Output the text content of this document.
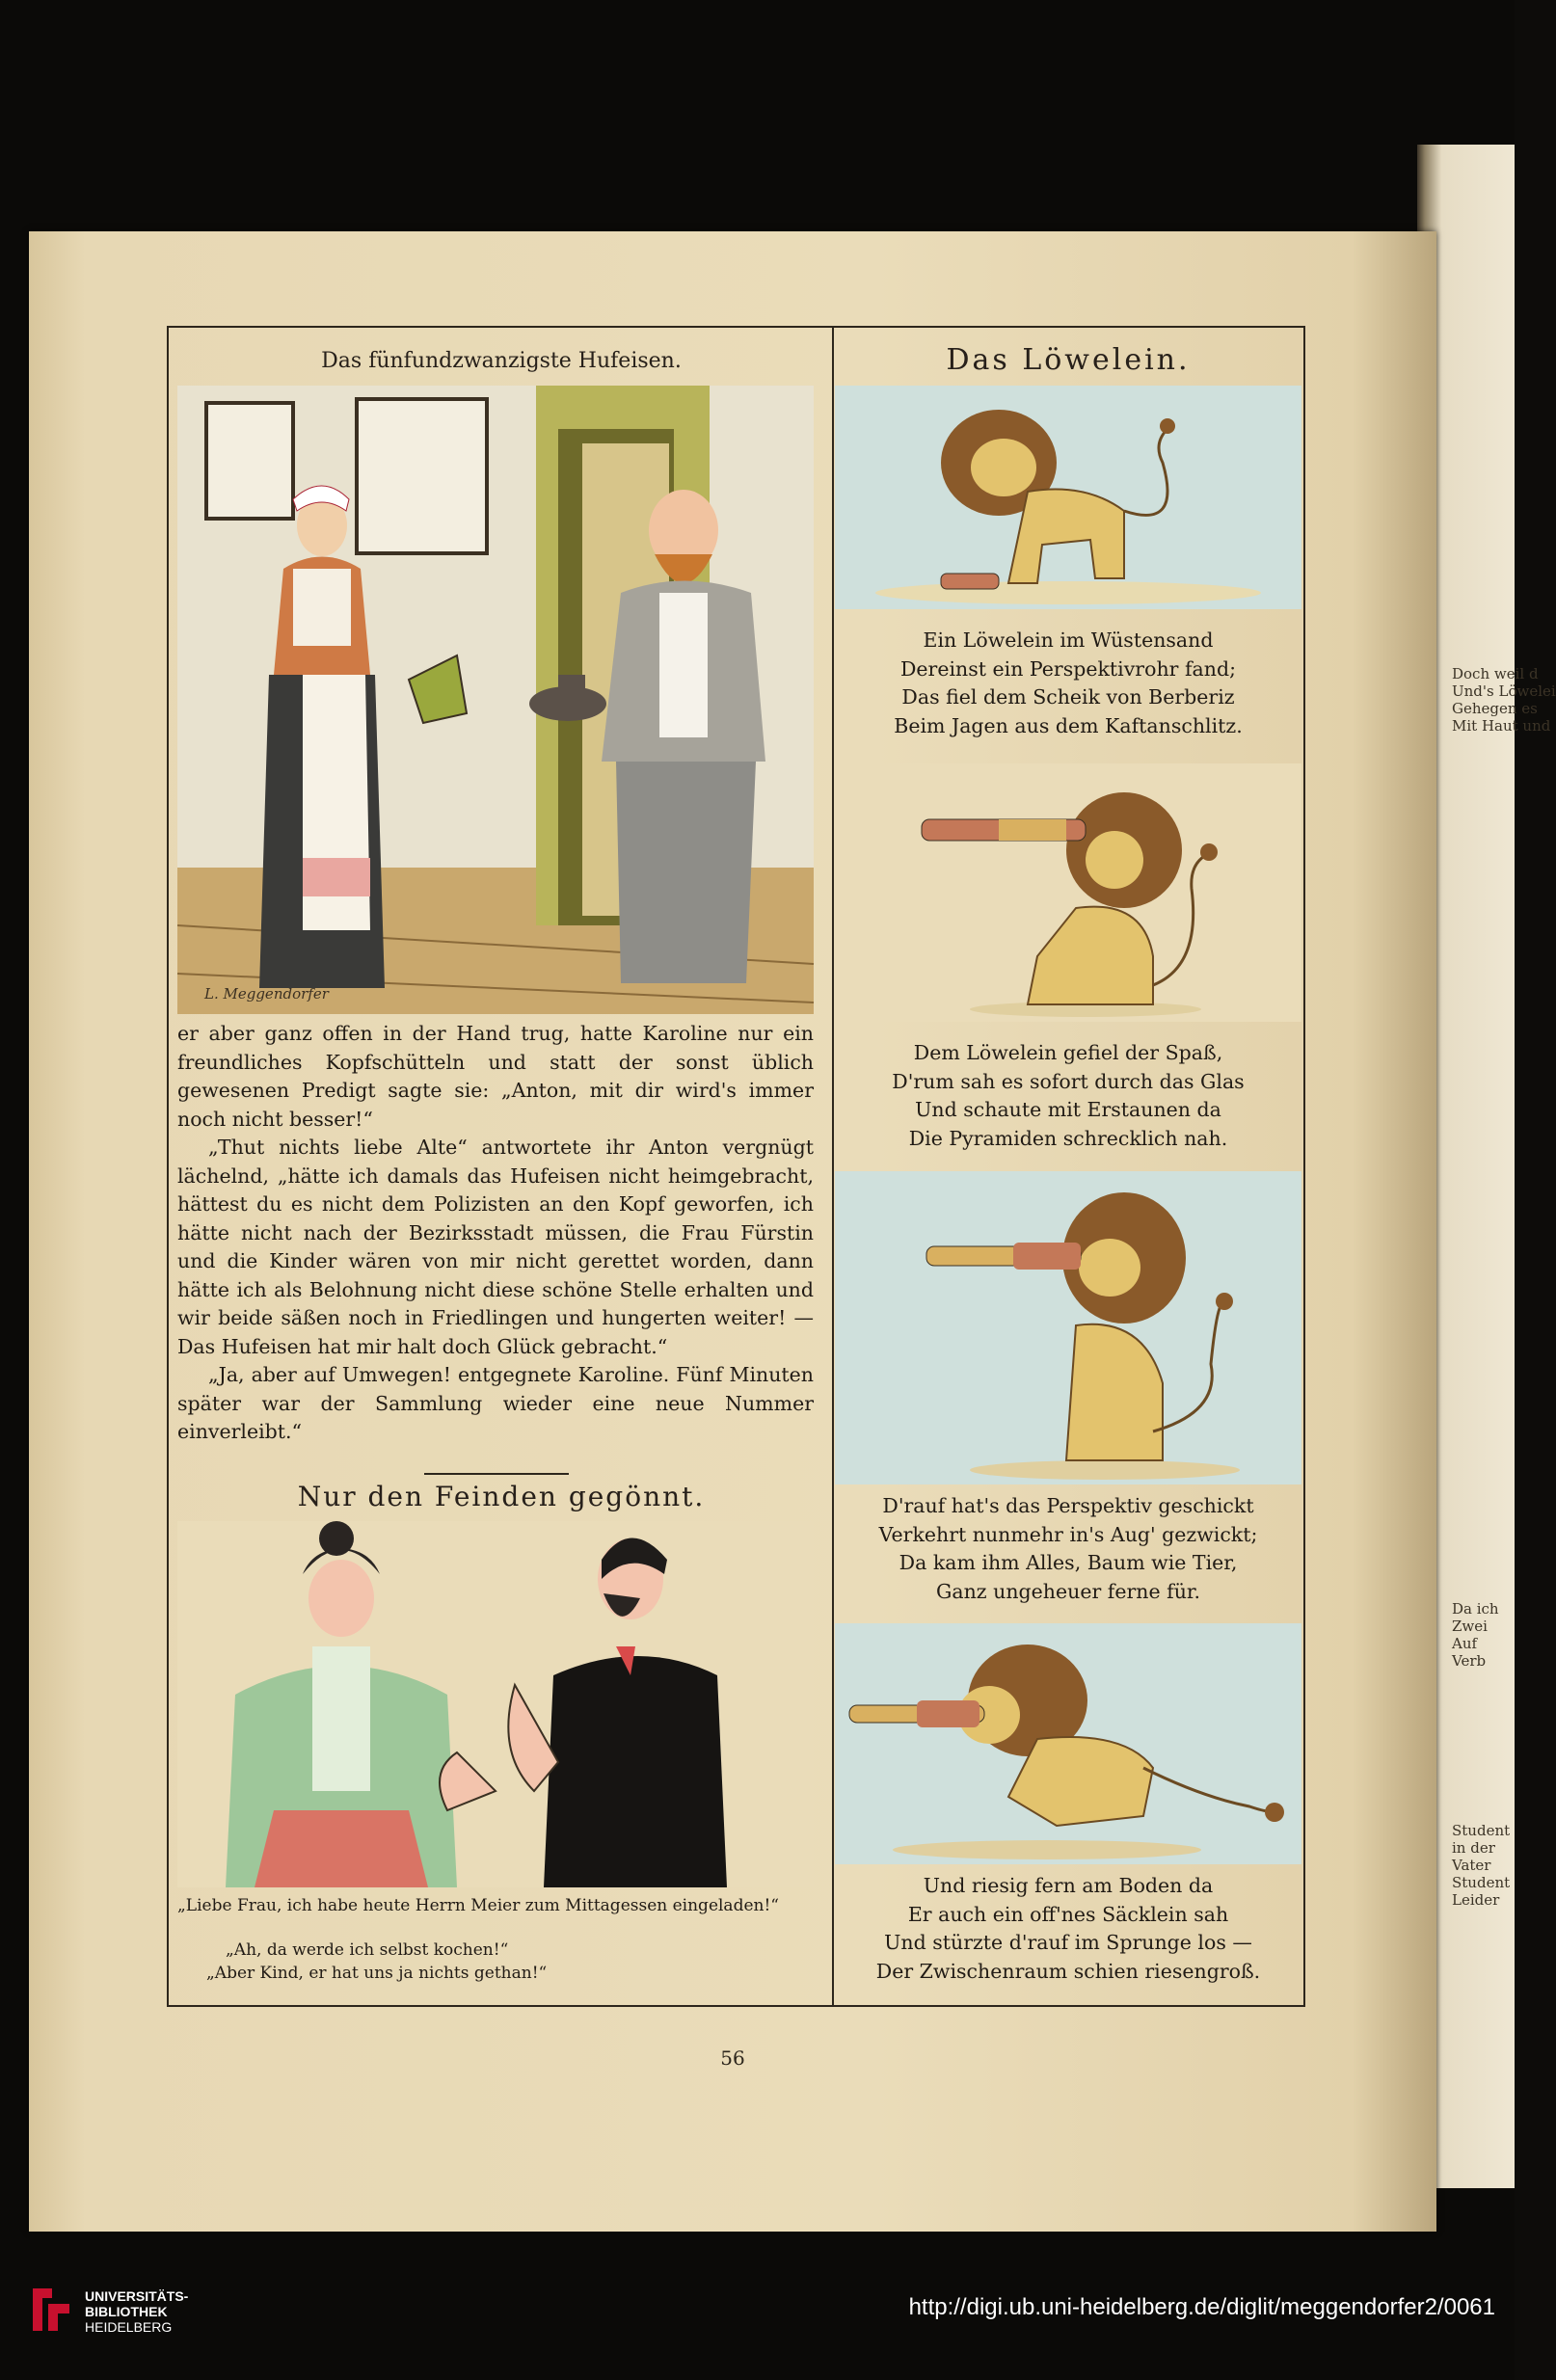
Doch weil d
Und's Löwelei
Gehegen es
Mit Haut und
Da ich
Zwei
Auf
Verb
Student
in der
Vater
Student
Leider
Das fünfundzwanzigste Hufeisen.	Das Löwelein.
L. Meggendorfer

er aber ganz offen in der Hand trug, hatte Karoline nur ein freundliches Kopfschütteln und statt der sonst üblich gewesenen Predigt sagte sie: „Anton, mit dir wird's immer noch nicht besser!“

„Thut nichts liebe Alte“ antwortete ihr Anton vergnügt lächelnd, „hätte ich damals das Hufeisen nicht heimgebracht, hättest du es nicht dem Polizisten an den Kopf geworfen, ich hätte nicht nach der Bezirksstadt müssen, die Frau Fürstin und die Kinder wären von mir nicht gerettet worden, dann hätte ich als Belohnung nicht diese schöne Stelle erhalten und wir beide säßen noch in Friedlingen und hungerten weiter! — Das Hufeisen hat mir halt doch Glück gebracht.“

„Ja, aber auf Umwegen! entgegnete Karoline. Fünf Minuten später war der Sammlung wieder eine neue Nummer einverleibt.“

Nur den Feinden gegönnt.
„Liebe Frau, ich habe heute Herrn Meier zum Mittagessen eingeladen!“
„Ah, da werde ich selbst kochen!“
„Aber Kind, er hat uns ja nichts gethan!“
Ein Löwelein im Wüstensand
Dereinst ein Perspektivrohr fand;
Das fiel dem Scheik von Berberiz
Beim Jagen aus dem Kaftanschlitz.
Dem Löwelein gefiel der Spaß,
D'rum sah es sofort durch das Glas
Und schaute mit Erstaunen da
Die Pyramiden schrecklich nah.
D'rauf hat's das Perspektiv geschickt
Verkehrt nunmehr in's Aug' gezwickt;
Da kam ihm Alles, Baum wie Tier,
Ganz ungeheuer ferne für.
Und riesig fern am Boden da
Er auch ein off'nes Säcklein sah
Und stürzte d'rauf im Sprunge los —
Der Zwischenraum schien riesengroß.
56
UNIVERSITÄTS-
BIBLIOTHEK
HEIDELBERG
http://digi.ub.uni-heidelberg.de/diglit/meggendorfer2/0061
